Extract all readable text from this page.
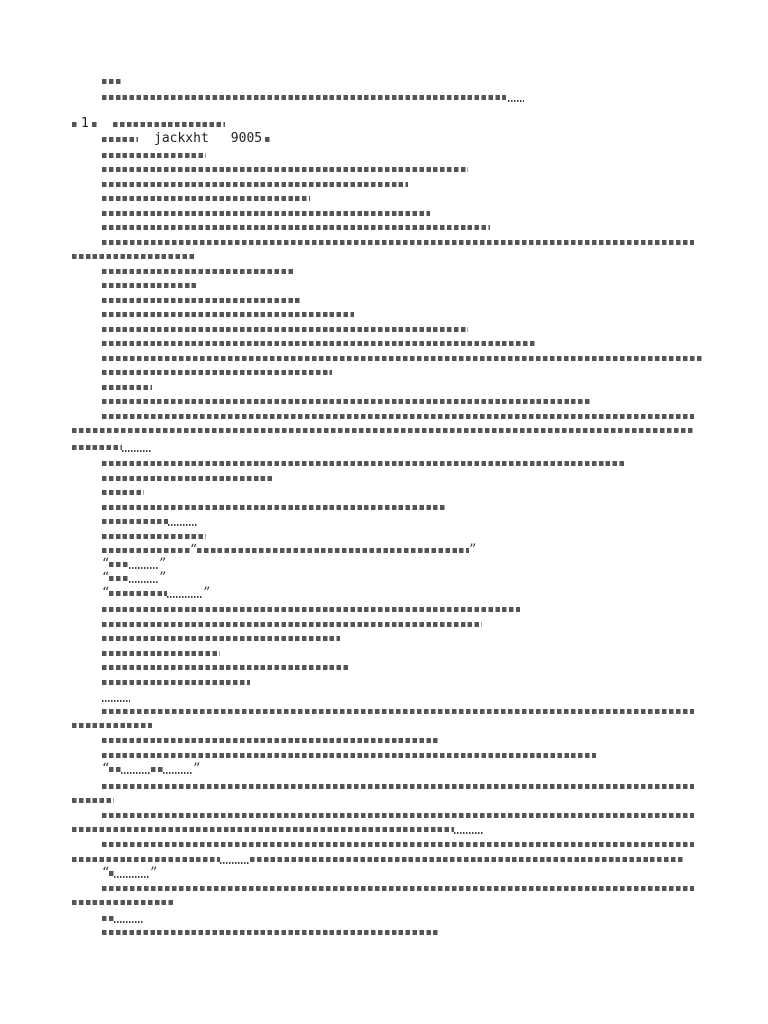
1
jackxht 9005
“	”
“	”
“	”
“	”
“	”
“	”
